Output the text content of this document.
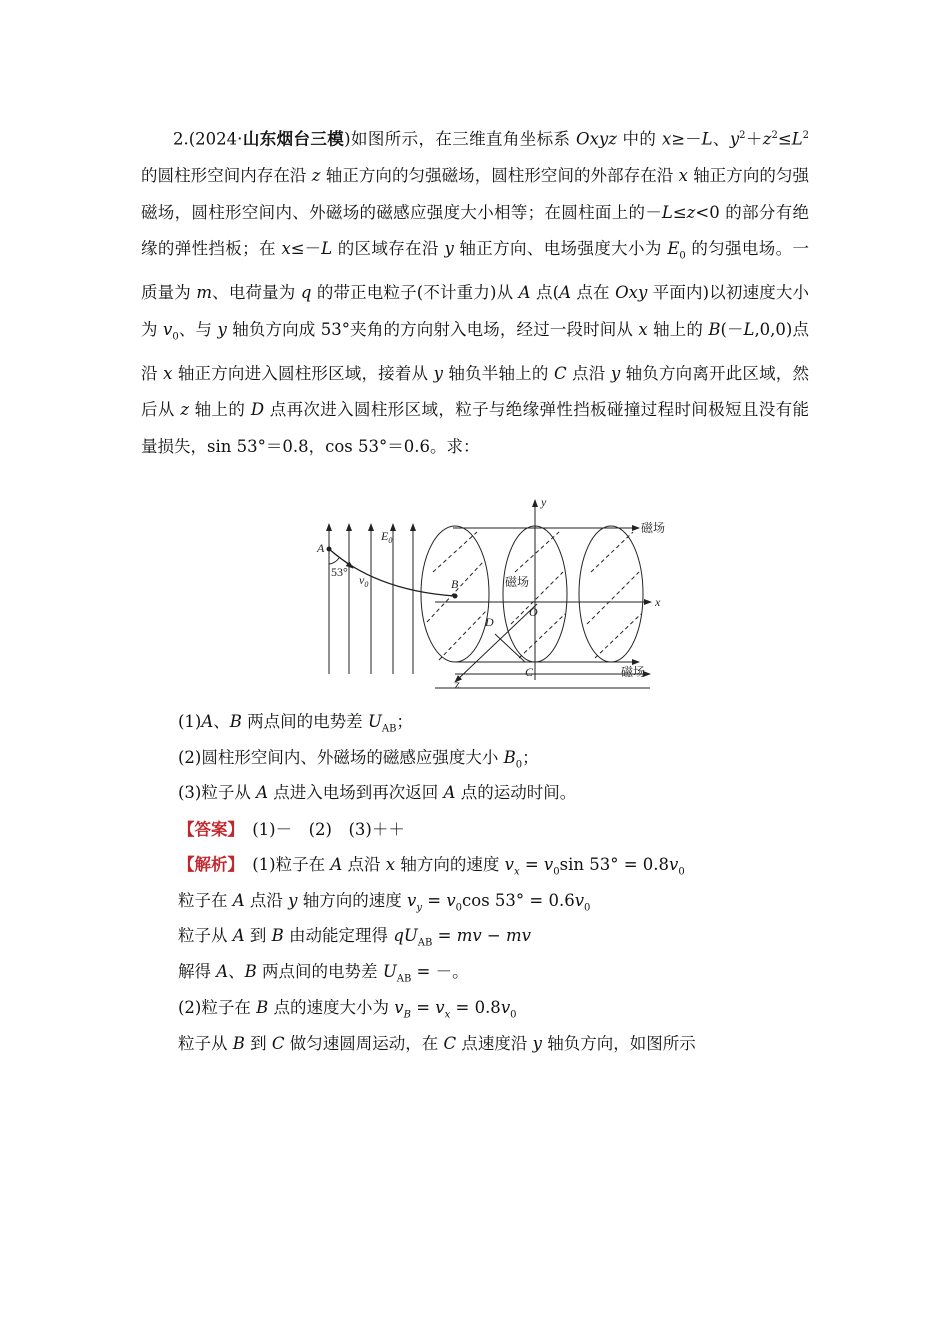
2.(2024·山东烟台三模)如图所示，在三维直角坐标系 Oxyz 中的 x≥－L、$y^2+z^2\le L^2$的圆柱形空间内存在沿 z 轴正方向的匀强磁场，圆柱形空间的外部存在沿 x 轴正方向的匀强磁场，圆柱形空间内、外磁场的磁感应强度大小相等；在圆柱面上的－L≤z<0 的部分有绝缘的弹性挡板；在 x≤－L 的区域存在沿 y 轴正方向、电场强度大小为 $E_0$ 的匀强电场。一质量为 m、电荷量为 q 的带正电粒子(不计重力)从 A 点(A 点在 Oxy 平面内)以初速度大小为 $v_0$、与 y 轴负方向成 53°夹角的方向射入电场，经过一段时间从 x 轴上的 B(－L,0,0)点沿 x 轴正方向进入圆柱形区域，接着从 y 轴负半轴上的 C 点沿 y 轴负方向离开此区域，然后从 z 轴上的 D 点再次进入圆柱形区域，粒子与绝缘弹性挡板碰撞过程时间极短且没有能量损失，sin 53°＝0.8，cos 53°＝0.6。求：
A
53°
$v_0$
$E_0$
B
O
D
C
x
y
z
磁场
磁场
磁场
(1)A、B 两点间的电势差 $U_{AB}$；
(2)圆柱形空间内、外磁场的磁感应强度大小 $B_0$；
(3)粒子从 A 点进入电场到再次返回 A 点的运动时间。
【答案】　(1)－　(2)　(3)＋＋
【解析】　(1)粒子在 A 点沿 x 轴方向的速度 $v_x = v_0\sin$ $53^\circ = 0.8v_0$
粒子在 A 点沿 y 轴方向的速度 $v_y = v_0\cos$ $53^\circ = 0.6v_0$
粒子从 A 到 B 由动能定理得 $qU_{AB}$ = mv − mv
解得 A、B 两点间的电势差 $U_{AB}$ = －。
(2)粒子在 B 点的速度大小为 $v_B = v_x = 0.8v_0$
粒子从 B 到 C 做匀速圆周运动，在 C 点速度沿 y 轴负方向，如图所示
